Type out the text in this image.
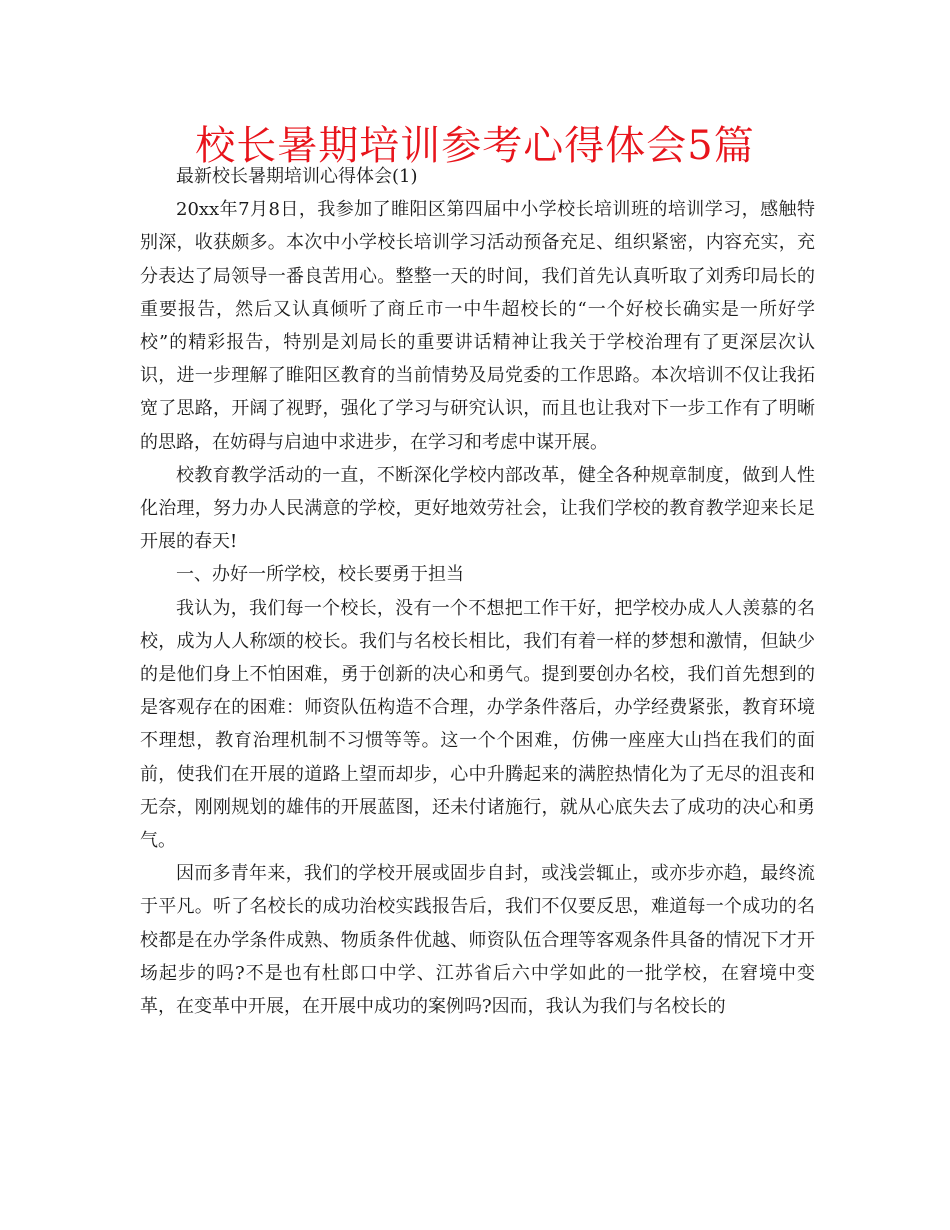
校长暑期培训参考心得体会5篇

最新校长暑期培训心得体会(1)

20xx年7月8日，我参加了睢阳区第四届中小学校长培训班的培训学习，感触特别深，收获颇多。本次中小学校长培训学习活动预备充足、组织紧密，内容充实，充分表达了局领导一番良苦用心。整整一天的时间，我们首先认真听取了刘秀印局长的重要报告，然后又认真倾听了商丘市一中牛超校长的“一个好校长确实是一所好学校”的精彩报告，特别是刘局长的重要讲话精神让我关于学校治理有了更深层次认识，进一步理解了睢阳区教育的当前情势及局党委的工作思路。本次培训不仅让我拓宽了思路，开阔了视野，强化了学习与研究认识，而且也让我对下一步工作有了明晰的思路，在妨碍与启迪中求进步，在学习和考虑中谋开展。

校教育教学活动的一直，不断深化学校内部改革，健全各种规章制度，做到人性化治理，努力办人民满意的学校，更好地效劳社会，让我们学校的教育教学迎来长足开展的春天!

一、办好一所学校，校长要勇于担当

我认为，我们每一个校长，没有一个不想把工作干好，把学校办成人人羡慕的名校，成为人人称颂的校长。我们与名校长相比，我们有着一样的梦想和激情，但缺少的是他们身上不怕困难，勇于创新的决心和勇气。提到要创办名校，我们首先想到的是客观存在的困难：师资队伍构造不合理，办学条件落后，办学经费紧张，教育环境不理想，教育治理机制不习惯等等。这一个个困难，仿佛一座座大山挡在我们的面前，使我们在开展的道路上望而却步，心中升腾起来的满腔热情化为了无尽的沮丧和无奈，刚刚规划的雄伟的开展蓝图，还未付诸施行，就从心底失去了成功的决心和勇气。

因而多青年来，我们的学校开展或固步自封，或浅尝辄止，或亦步亦趋，最终流于平凡。听了名校长的成功治校实践报告后，我们不仅要反思，难道每一个成功的名校都是在办学条件成熟、物质条件优越、师资队伍合理等客观条件具备的情况下才开场起步的吗?不是也有杜郎口中学、江苏省后六中学如此的一批学校，在窘境中变革，在变革中开展，在开展中成功的案例吗?因而，我认为我们与名校长的
